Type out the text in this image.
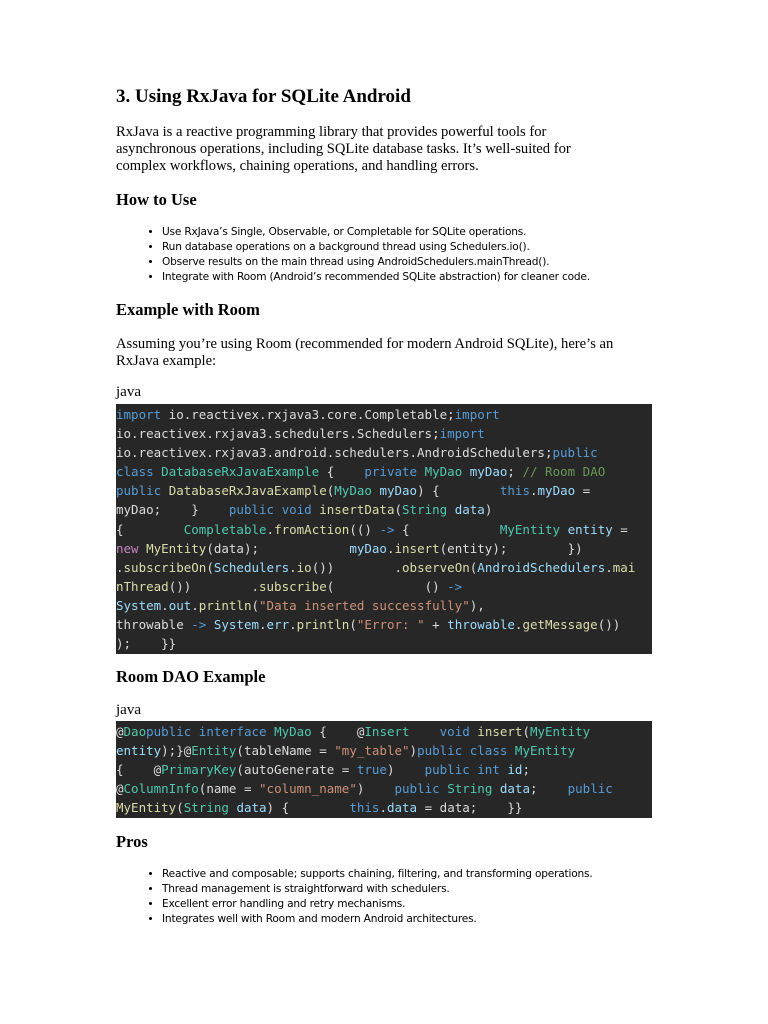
3. Using RxJava for SQLite Android

RxJava is a reactive programming library that provides powerful tools for
asynchronous operations, including SQLite database tasks. It’s well-suited for
complex workflows, chaining operations, and handling errors.

How to Use
• Use RxJava’s Single, Observable, or Completable for SQLite operations.
• Run database operations on a background thread using Schedulers.io().
• Observe results on the main thread using AndroidSchedulers.mainThread().
• Integrate with Room (Android’s recommended SQLite abstraction) for cleaner code.
Example with Room

Assuming you’re using Room (recommended for modern Android SQLite), here’s an
RxJava example:

java
import io.reactivex.rxjava3.core.Completable;import
io.reactivex.rxjava3.schedulers.Schedulers;import
io.reactivex.rxjava3.android.schedulers.AndroidSchedulers;public
class DatabaseRxJavaExample {    private MyDao myDao; // Room DAO
public DatabaseRxJavaExample(MyDao myDao) {        this.myDao =
myDao;    }    public void insertData(String data)
{        Completable.fromAction(() -> {            MyEntity entity =
new MyEntity(data);            myDao.insert(entity);        })
.subscribeOn(Schedulers.io())        .observeOn(AndroidSchedulers.mai
nThread())        .subscribe(            () ->
System.out.println("Data inserted successfully"),
throwable -> System.err.println("Error: " + throwable.getMessage())
);    }}
Room DAO Example
java
@Daopublic interface MyDao {    @Insert void insert(MyEntity
entity);}@Entity(tableName = "my_table")public class MyEntity
{    @PrimaryKey(autoGenerate = true)    public int id;
@ColumnInfo(name = "column_name")    public String data;    public
MyEntity(String data) {        this.data = data;    }}
Pros
• Reactive and composable; supports chaining, filtering, and transforming operations.
• Thread management is straightforward with schedulers.
• Excellent error handling and retry mechanisms.
• Integrates well with Room and modern Android architectures.
